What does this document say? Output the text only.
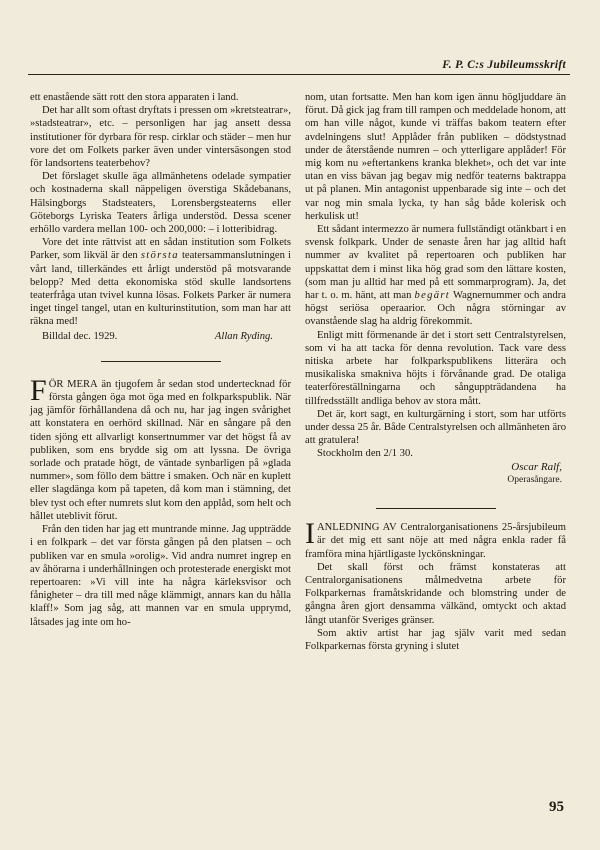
F. P. C:s Jubileumsskrift

ett enastående sätt rott den stora apparaten i land.

Det har allt som oftast dryftats i pressen om »kretsteatrar», »stadsteatrar», etc. – personligen har jag ansett dessa institutioner för dyrbara för resp. cirklar och städer – men hur vore det om Folkets parker även under vintersäsongen stod för landsortens teaterbehov?

Det förslaget skulle äga allmänhetens odelade sympatier och kostnaderna skall näppeligen överstiga Skådebanans, Hälsingborgs Stadsteaters, Lorensbergsteaterns eller Göteborgs Lyriska Teaters årliga understöd. Dessa scener erhöllo vardera mellan 100- och 200,000: – i lotteribidrag.

Vore det inte rättvist att en sådan institution som Folkets Parker, som likväl är den största teatersammanslutningen i vårt land, tillerkändes ett årligt understöd på motsvarande belopp? Med detta ekonomiska stöd skulle landsortens teaterfråga utan tvivel kunna lösas. Folkets Parker är numera inget tingel tangel, utan en kulturinstitution, som man har att räkna med!

Billdal dec. 1929.	Allan Ryding.

FÖR MERA än tjugofem år sedan stod undertecknad för första gången öga mot öga med en folkparkspublik. När jag jämför förhållandena då och nu, har jag ingen svårighet att konstatera en oerhörd skillnad. När en sångare på den tiden sjöng ett allvarligt konsertnummer var det högst få av publiken, som ens brydde sig om att lyssna. De övriga sorlade och pratade högt, de väntade synbarligen på »glada nummer», som föllo dem bättre i smaken. Och när en kuplett eller slagdänga kom på tapeten, då kom man i stämning, det blev tyst och efter numrets slut kom den applåd, som helt och hållet uteblivit förut.

Från den tiden har jag ett muntrande minne. Jag uppträdde i en folkpark – det var första gången på den platsen – och publiken var en smula »orolig». Vid andra numret ingrep en av åhörarna i underhållningen och protesterade energiskt mot repertoaren: »Vi vill inte ha några kärleksvisor och fånigheter – dra till med någe klämmigt, annars kan du hålla klaff!» Som jag såg, att mannen var en smula upprymd, låtsades jag inte om ho-

nom, utan fortsatte. Men han kom igen ännu högljuddare än förut. Då gick jag fram till rampen och meddelade honom, att om han ville något, kunde vi träffas bakom teatern efter avdelningens slut! Applåder från publiken – dödstystnad under de återstående numren – och ytterligare applåder! För mig kom nu »eftertankens kranka blekhet», och det var inte utan en viss bävan jag begav mig nedför teaterns baktrappa ut på planen. Min antagonist uppenbarade sig inte – och det var nog min smala lycka, ty han såg både kolerisk och herkulisk ut!

Ett sådant intermezzo är numera fullständigt otänkbart i en svensk folkpark. Under de senaste åren har jag alltid haft nummer av kvalitet på repertoaren och publiken har uppskattat dem i minst lika hög grad som den lättare kosten, (som man ju alltid har med på ett sommarprogram). Ja, det har t. o. m. hänt, att man begärt Wagnernummer och andra högst seriösa operaarior. Och några störningar av ovanstående slag ha aldrig förekommit.

Enligt mitt förmenande är det i stort sett Centralstyrelsen, som vi ha att tacka för denna revolution. Tack vare dess nitiska arbete har folkparkspublikens litterära och musikaliska smakniva höjts i förvånande grad. De otaliga teaterföreställningarna och sånguppträdandena ha tillfredsställt andliga behov av stora mått.

Det är, kort sagt, en kulturgärning i stort, som har utförts under dessa 25 år. Både Centralstyrelsen och allmänheten äro att gratulera!

Stockholm den 2/1 30.

Oscar Ralf,
Operasångare.

IANLEDNING AV Centralorganisationens 25-årsjubileum är det mig ett sant nöje att med några enkla rader få framföra mina hjärtligaste lyckönskningar.

Det skall först och främst konstateras att Centralorganisationens målmedvetna arbete för Folkparkernas framåtskridande och blomstring under de gångna åren gjort densamma välkänd, omtyckt och aktad långt utanför Sveriges gränser.

Som aktiv artist har jag själv varit med sedan Folkparkernas första gryning i slutet

95
